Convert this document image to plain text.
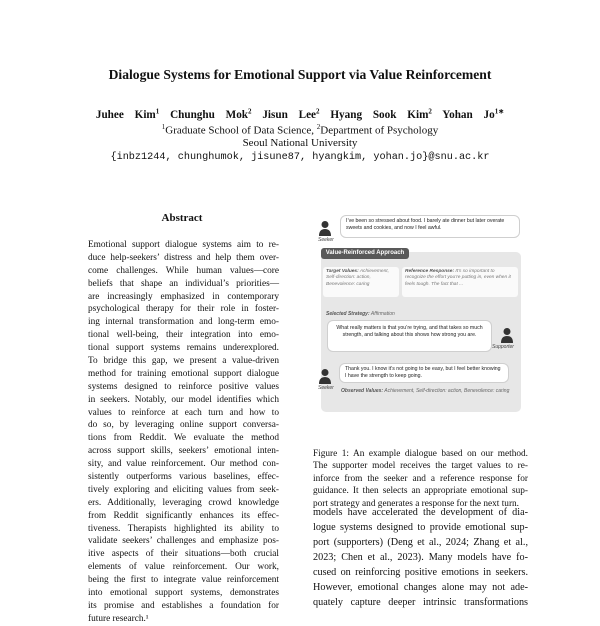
Dialogue Systems for Emotional Support via Value Reinforcement
Juhee Kim$^1$ Chunghu Mok$^2$ Jisun Lee$^2$ Hyang Sook Kim$^2$ Yohan $Jo^{1∗}$
$^1$Graduate School of Data Science, $^2$Department of Psychology
Seoul National University
{inbz1244, chunghumok, jisune87, hyangkim, yohan.jo}@snu.ac.kr
Abstract
Emotional support dialogue systems aim to re-
duce help-seekers’ distress and help them over-
come challenges. While human values—core
beliefs that shape an individual’s priorities—
are increasingly emphasized in contemporary
psychological therapy for their role in foster-
ing internal transformation and long-term emo-
tional well-being, their integration into emo-
tional support systems remains underexplored.
To bridge this gap, we present a value-driven
method for training emotional support dialogue
systems designed to reinforce positive values
in seekers. Notably, our model identifies which
values to reinforce at each turn and how to
do so, by leveraging online support conversa-
tions from Reddit. We evaluate the method
across support skills, seekers’ emotional inten-
sity, and value reinforcement. Our method con-
sistently outperforms various baselines, effec-
tively exploring and eliciting values from seek-
ers. Additionally, leveraging crowd knowledge
from Reddit significantly enhances its effec-
tiveness. Therapists highlighted its ability to
validate seekers’ challenges and emphasize pos-
itive aspects of their situations—both crucial
elements of value reinforcement. Our work,
being the first to integrate value reinforcement
into emotional support systems, demonstrates
its promise and establishes a foundation for
future research.¹
Seeker
I’ve been so stressed about food. I barely ate dinner but later overate sweets and cookies, and now I feel awful.
Value-Reinforced Approach
Target Values: Achievement, Self-direction: action, Benevolence: caring
Reference Response: It’s so important to recognize the effort you’re putting in, even when it feels tough. The fact that ...
Selected Strategy: Affirmation
What really matters is that you’re trying, and that takes so much strength, and talking about this shows how strong you are.
Supporter
Seeker
Thank you. I know it’s not going to be easy, but I feel better knowing I have the strength to keep going.
Observed Values: Achievement, Self-direction: action, Benevolence: caring
Figure 1: An example dialogue based on our method.
The supporter model receives the target values to re-
inforce from the seeker and a reference response for
guidance. It then selects an appropriate emotional sup-
port strategy and generates a response for the next turn.
models have accelerated the development of dia-
logue systems designed to provide emotional sup-
port (supporters) (Deng et al., 2024; Zhang et al.,
2023; Chen et al., 2023). Many models have fo-
cused on reinforcing positive emotions in seekers.
However, emotional changes alone may not ade-
quately capture deeper intrinsic transformations
